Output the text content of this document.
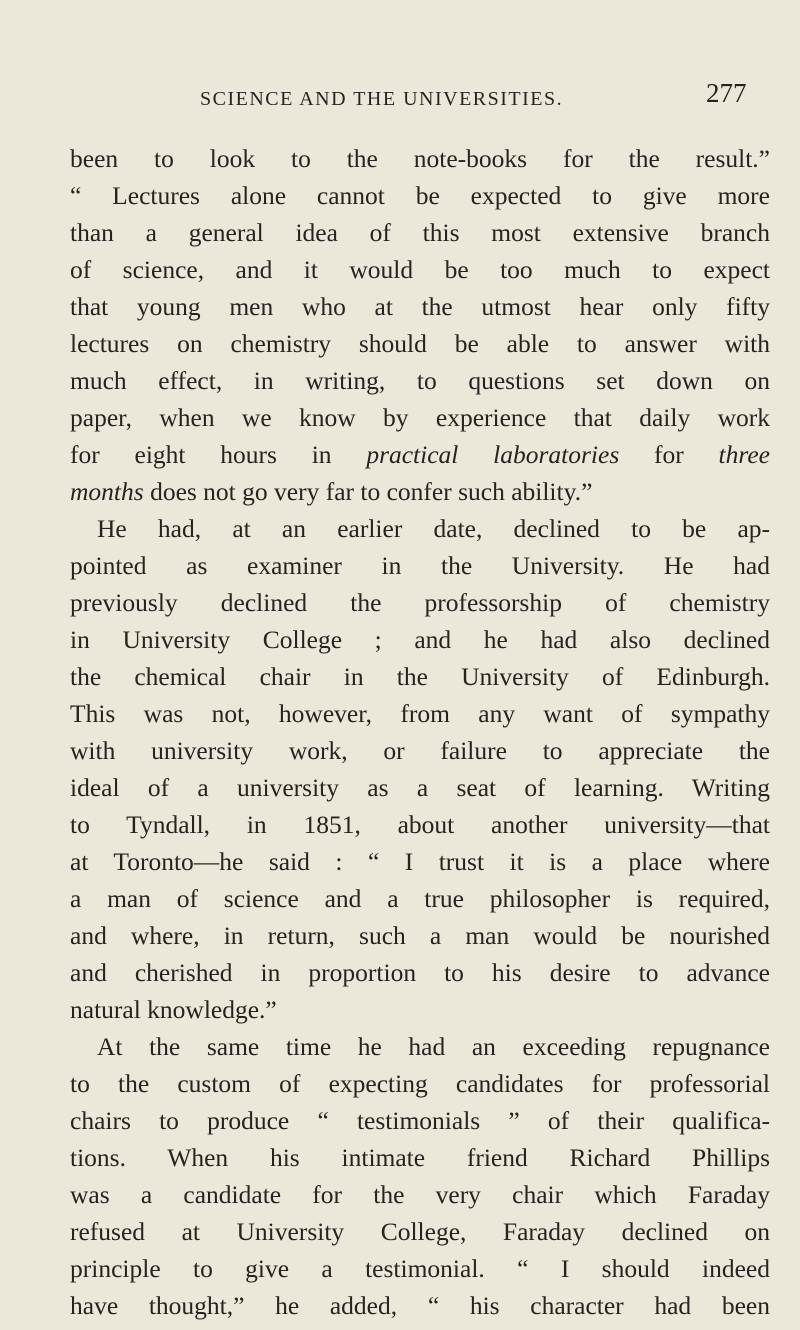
SCIENCE AND THE UNIVERSITIES.	277
been to look to the note-books for the result.”
“ Lectures alone cannot be expected to give more
than a general idea of this most extensive branch
of science, and it would be too much to expect
that young men who at the utmost hear only fifty
lectures on chemistry should be able to answer with
much effect, in writing, to questions set down on
paper, when we know by experience that daily work
for eight hours in practical laboratories for three
months does not go very far to confer such ability.”
He had, at an earlier date, declined to be ap-
pointed as examiner in the University. He had
previously declined the professorship of chemistry
in University College ; and he had also declined
the chemical chair in the University of Edinburgh.
This was not, however, from any want of sympathy
with university work, or failure to appreciate the
ideal of a university as a seat of learning. Writing
to Tyndall, in 1851, about another university—that
at Toronto—he said : “ I trust it is a place where
a man of science and a true philosopher is required,
and where, in return, such a man would be nourished
and cherished in proportion to his desire to advance
natural knowledge.”
At the same time he had an exceeding repugnance
to the custom of expecting candidates for professorial
chairs to produce “ testimonials ” of their qualifica-
tions. When his intimate friend Richard Phillips
was a candidate for the very chair which Faraday
refused at University College, Faraday declined on
principle to give a testimonial. “ I should indeed
have thought,” he added, “ his character had been
